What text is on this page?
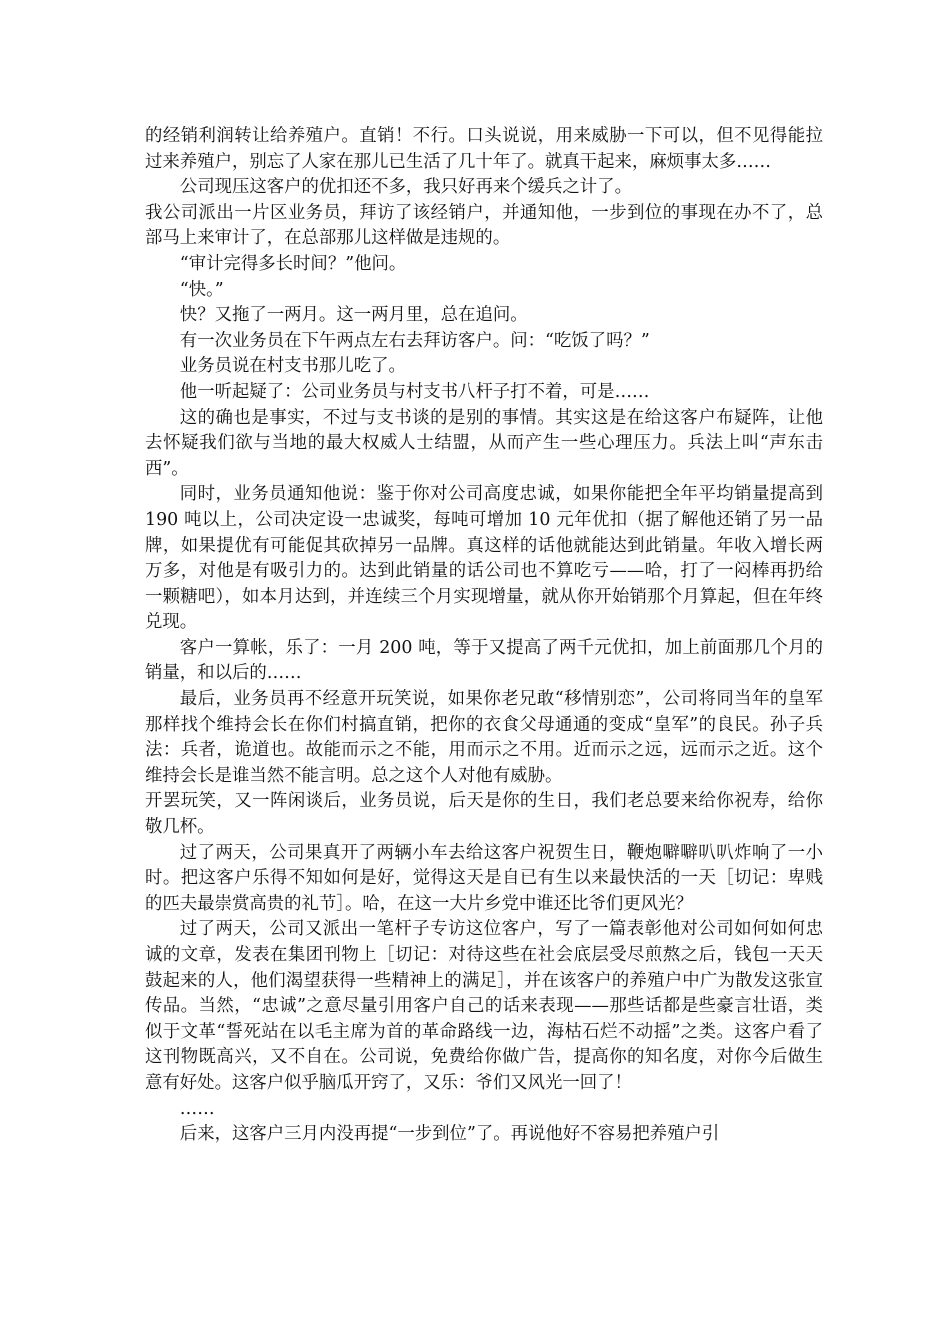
的经销利润转让给养殖户。直销！不行。口头说说，用来威胁一下可以，但不见得能拉过来养殖户，别忘了人家在那儿已生活了几十年了。就真干起来，麻烦事太多……

公司现压这客户的优扣还不多，我只好再来个缓兵之计了。

我公司派出一片区业务员，拜访了该经销户，并通知他，一步到位的事现在办不了，总部马上来审计了，在总部那儿这样做是违规的。

“审计完得多长时间？”他问。

“快。”

快？又拖了一两月。这一两月里，总在追问。

有一次业务员在下午两点左右去拜访客户。问：“吃饭了吗？”

业务员说在村支书那儿吃了。

他一听起疑了：公司业务员与村支书八杆子打不着，可是……

这的确也是事实，不过与支书谈的是别的事情。其实这是在给这客户布疑阵，让他去怀疑我们欲与当地的最大权威人士结盟，从而产生一些心理压力。兵法上叫“声东击西”。

同时，业务员通知他说：鉴于你对公司高度忠诚，如果你能把全年平均销量提高到 190 吨以上，公司决定设一忠诚奖，每吨可增加 10 元年优扣（据了解他还销了另一品牌，如果提优有可能促其砍掉另一品牌。真这样的话他就能达到此销量。年收入增长两万多，对他是有吸引力的。达到此销量的话公司也不算吃亏——哈，打了一闷棒再扔给一颗糖吧），如本月达到，并连续三个月实现增量，就从你开始销那个月算起，但在年终兑现。

客户一算帐，乐了：一月 200 吨，等于又提高了两千元优扣，加上前面那几个月的销量，和以后的……

最后，业务员再不经意开玩笑说，如果你老兄敢“移情别恋”，公司将同当年的皇军那样找个维持会长在你们村搞直销，把你的衣食父母通通的变成“皇军”的良民。孙子兵法：兵者，诡道也。故能而示之不能，用而示之不用。近而示之远，远而示之近。这个维持会长是谁当然不能言明。总之这个人对他有威胁。

开罢玩笑，又一阵闲谈后，业务员说，后天是你的生日，我们老总要来给你祝寿，给你敬几杯。

过了两天，公司果真开了两辆小车去给这客户祝贺生日，鞭炮噼噼叭叭炸响了一小时。把这客户乐得不知如何是好，觉得这天是自已有生以来最快活的一天［切记：卑贱的匹夫最崇赏高贵的礼节］。哈，在这一大片乡党中谁还比爷们更风光？

过了两天，公司又派出一笔杆子专访这位客户，写了一篇表彰他对公司如何如何忠诚的文章，发表在集团刊物上［切记：对待这些在社会底层受尽煎熬之后，钱包一天天鼓起来的人，他们渴望获得一些精神上的满足］，并在该客户的养殖户中广为散发这张宣传品。当然，“忠诚”之意尽量引用客户自己的话来表现——那些话都是些豪言壮语，类似于文革“誓死站在以毛主席为首的革命路线一边，海枯石烂不动摇”之类。这客户看了这刊物既高兴，又不自在。公司说，免费给你做广告，提高你的知名度，对你今后做生意有好处。这客户似乎脑瓜开窍了，又乐：爷们又风光一回了！

……

后来，这客户三月内没再提“一步到位”了。再说他好不容易把养殖户引
